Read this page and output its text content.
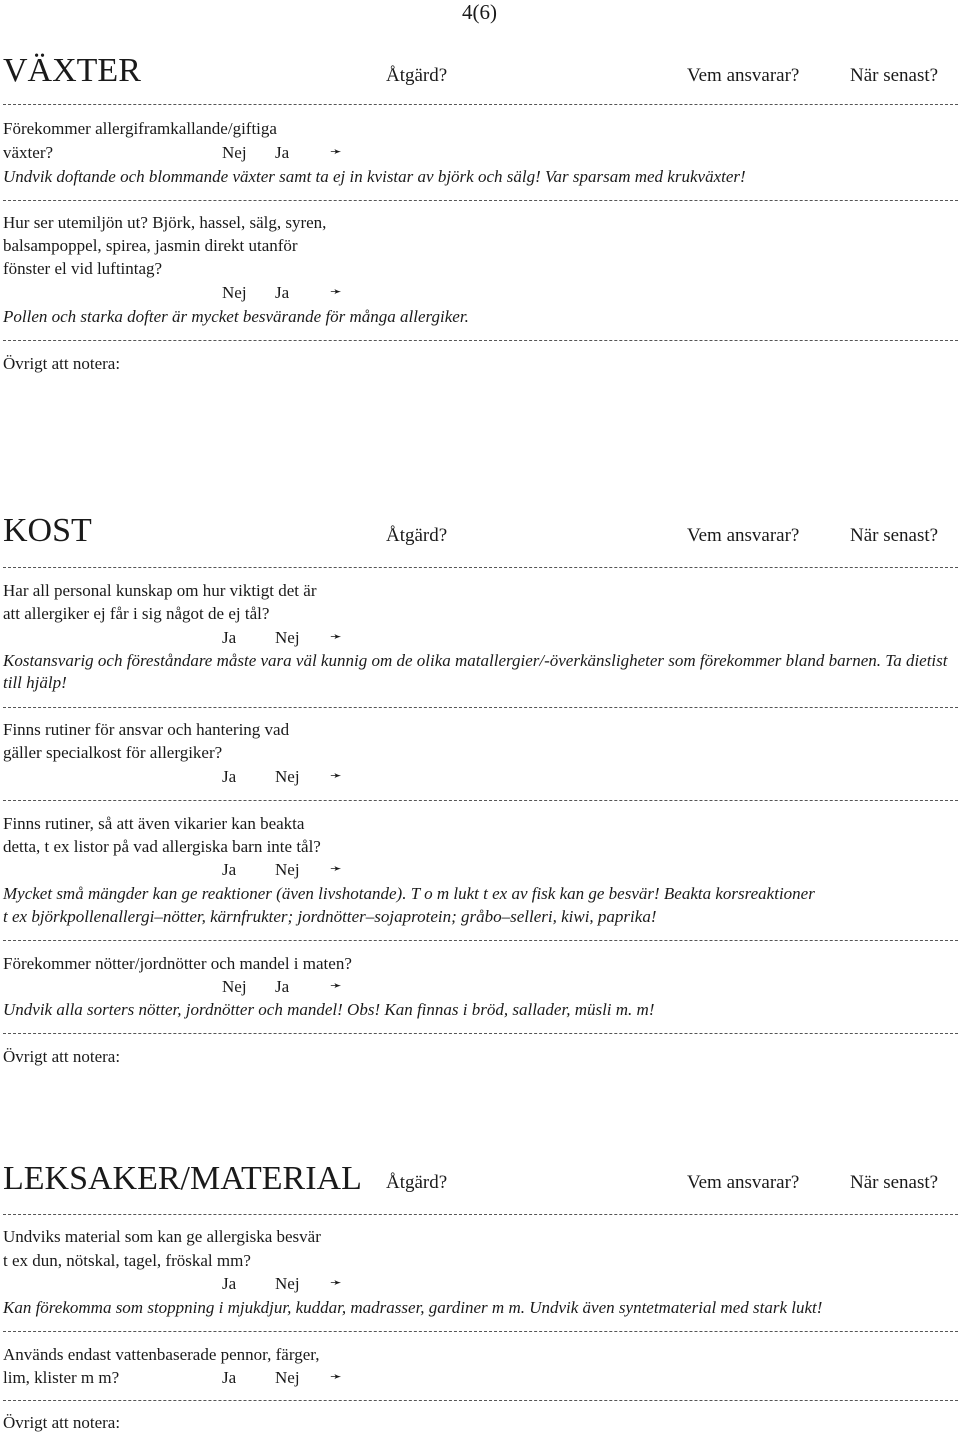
4(6)
VÄXTER	Åtgärd?	Vem ansvarar?	När senast?
Förekommer allergiframkallande/giftiga
växter?	Nej Ja	➛
Undvik doftande och blommande växter samt ta ej in kvistar av björk och sälg! Var sparsam med krukväxter!
Hur ser utemiljön ut? Björk, hassel, sälg, syren,
balsampoppel, spirea, jasmin direkt utanför
fönster el vid luftintag?
Nej Ja	➛
Pollen och starka dofter är mycket besvärande för många allergiker.
Övrigt att notera:
KOST	Åtgärd?	Vem ansvarar?	När senast?
Har all personal kunskap om hur viktigt det är
att allergiker ej får i sig något de ej tål?
Ja Nej ➛
Kostansvarig och föreståndare måste vara väl kunnig om de olika matallergier/-överkänsligheter som förekommer bland barnen. Ta dietist till hjälp!
Finns rutiner för ansvar och hantering vad
gäller specialkost för allergiker?
Ja Nej ➛
Finns rutiner, så att även vikarier kan beakta
detta, t ex listor på vad allergiska barn inte tål?
Ja Nej ➛
Mycket små mängder kan ge reaktioner (även livshotande). T o m lukt t ex av fisk kan ge besvär! Beakta korsreaktioner
t ex björkpollenallergi–nötter, kärnfrukter; jordnötter–sojaprotein; gråbo–selleri, kiwi, paprika!
Förekommer nötter/jordnötter och mandel i maten?
Nej Ja	➛
Undvik alla sorters nötter, jordnötter och mandel! Obs! Kan finnas i bröd, sallader, müsli m. m!
Övrigt att notera:
LEKSAKER/MATERIAL Åtgärd?	Vem ansvarar?	När senast?
Undviks material som kan ge allergiska besvär
t ex dun, nötskal, tagel, fröskal mm?
Ja Nej ➛
Kan förekomma som stoppning i mjukdjur, kuddar, madrasser, gardiner m m. Undvik även syntetmaterial med stark lukt!
Används endast vattenbaserade pennor, färger,
lim, klister m m?	Ja Nej ➛
Övrigt att notera:
